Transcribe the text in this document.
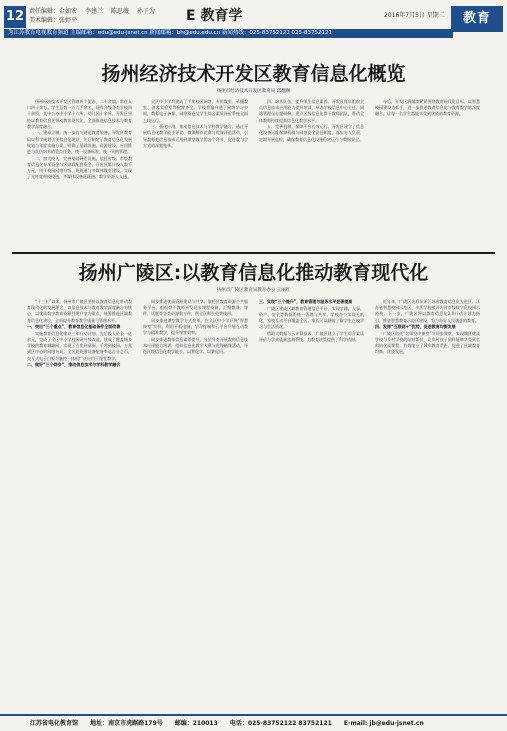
12 责任编辑：金如宏 李建兰 陈思薇 孙子为
美术编辑：张婷平	E 教育学	2016年7月5日 星期二	教育
为江苏教育电视教育频道 主编邮箱：edu@edu-jsnet.cn 新闻邮箱：bh@edu.edu.cn 新闻热线：025-83752122 025-83752121
扬州经济技术开发区教育信息化概览
扬州市经济技术开发区教育局 邱翻顺

扬州经济技术开发区管辖两个街办，二十余镇，常住人口四十余万。学生总数一万九千余名，现有各级各类学校四十余所，其中公办中小学十六所、幼儿园十余所。开发区坚持以教育信息化带动教育现代化，全面推进信息技术与教育教学深度融合。

一、建章立制，统一步伐与规范教育装备。开发区教育局以科学规划引领信息化建设，先后制定了教育信息化发展规划与年度实施方案，明确了基础设施、资源建设、应用推进与队伍培养的重点任务，统一设备标准，统一采购管理。

二、加大投入，完善基础硬件设施。依托省级、市级教育信息化专项资金与区财政配套资金，开发区累计投入数千万元，用于校园网络升级、班班通与多媒体教室建设，实现了光纤宽带校校通、多媒体设备班班通、教学资源人人通。

全区中小学均建成了千兆校园网络，专用教室、录播教室、创客实验室等配置齐全。学校普遍开通了网络学习空间，教师电子备课、网络阅卷及学生综合素质评价系统全面上线运行。

三、强化应用，推动信息技术与学科教学融合。通过开展信息化教学能手评比、微课制作比赛与优课评选活动，引导教师把信息技术运用到课堂教学的各个环节，促进教与学方式的深刻变革。

四、培养队伍，提升师生信息素养。开发区每年组织全员信息技术应用能力提升培训，举办学校信息中心主任、网络管理员专题研修，建立区级信息化骨干教师团队，带动全体教师持续提高信息化教学水平。

五、完善机制，保障平台长效运行。开发区建立了信息化设备运维保障机制与网络安全责任制度，落实专人负责，定期开展巡检，确保教育信息化设施稳定运行与数据安全。

今后，开发区将继续紧紧围绕教育现代化目标，以智慧校园建设为抓手，进一步推进教育信息化与教育教学的深度融合，让每一名学生都能享受到优质的教育资源。

扬州广陵区:以教育信息化推动教育现代化
扬州市广陵区教育局教育办公 王丽红

“十三五”以来，扬州市广陵区坚持以教育信息化带动教育现代化的发展理念，以信息技术与教育教学深度融合为核心，以优质数字教育资源共建共享为重点，统筹推进区域教育信息化建设，全面提升教育教学质量与管理水平。

一、突出“三个重点”，教育信息化基础条件全面改善

实施教育信息化建设三年行动计划，先后投入资金一亿余元，完成了全区中小学校园网升级改造，建成了覆盖城乡学校的教育城域网，实现了百兆到桌面、千兆到校园、万兆到区中心的网络布局。全区班班通设备配备率达百分之百，交互式电子白板与触控一体机广泛应用于课堂教学。

二、做好“三个同步”，推动信息技术与学科教学融合

同步推进优质资源建设与共享。依托区教育资源公共服务平台，组织骨干教师开发同步课程资源，汇聚微课、课件、试题等各类资源数万件，供全区师生免费使用。

同步推进课堂教学方式变革。在全区中小学开展“智慧课堂”实验，利用平板电脑、学习终端和云平台开展互动教学与精准教学，提升课堂效率。

同步推进教师信息素养提升。分层分类开展教师信息技术应用能力培训，组织信息化教学大赛与优课晒课活动，评选区级信息化教学能手，以赛促学、以赛促用。

三、实现“三个提升”，教育管理与服务水平显著提高

广陵区建成区域教育管理信息平台，实现学籍、人事、资产、安全等数据的统一管理与共享，学校办公实现无纸化，家校互动平台覆盖全区，家长可以随时了解学生在校学习与生活情况。

借助大数据与云计算技术，广陵区建立了学生综合素质评价与学业质量监测系统，为教育决策提供了科学依据。

近年来，广陵区先后获评江苏省教育信息化先进区、江苏省智慧校园示范区，多所学校被评为省市级数字化校园示范校。下一步，广陵区将以教育信息化2.0行动计划为指引，推进智慧教育示范区建设，努力办好人民满意的教育。

四、发挥“互联网+”优势，促进教育均衡发展

广陵区依托“名师空中课堂”与同步课堂，实现城区优质学校与乡村学校的结对帮扶，让乡村孩子同样能够享受到名师的优质课程，有效缩小了城乡教育差距，促进了区域教育均衡、优质发展。

江苏省电化教育馆 地址：南京市虎踞路179号 邮编：210013 电话：025-83752122 83752121 E-mail: jb@edu-jsnet.cn
